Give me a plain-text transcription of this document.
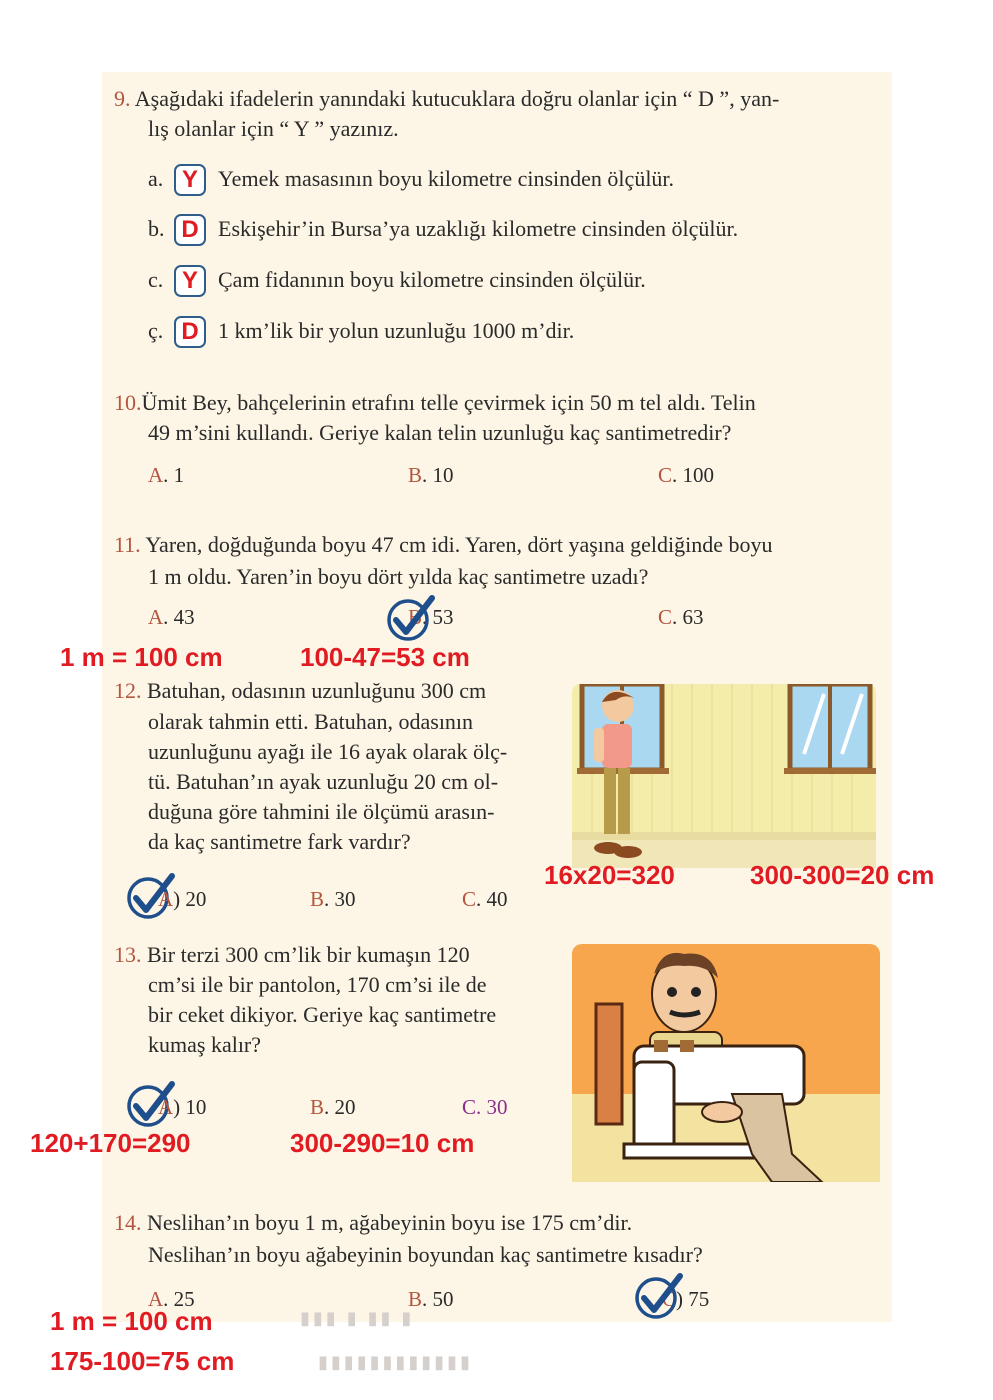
9. Aşağıdaki ifadelerin yanındaki kutucuklara doğru olanlar için “ D ”, yan-
lış olanlar için “ Y ” yazınız.
a. Y Yemek masasının boyu kilometre cinsinden ölçülür.
b. D Eskişehir’in Bursa’ya uzaklığı kilometre cinsinden ölçülür.
c. Y Çam fidanının boyu kilometre cinsinden ölçülür.
ç. D 1 km’lik bir yolun uzunluğu 1000 m’dir.
10.Ümit Bey, bahçelerinin etrafını telle çevirmek için 50 m tel aldı. Telin
49 m’sini kullandı. Geriye kalan telin uzunluğu kaç santimetredir?
A. 1	B. 10	C. 100
11. Yaren, doğduğunda boyu 47 cm idi. Yaren, dört yaşına geldiğinde boyu
1 m oldu. Yaren’in boyu dört yılda kaç santimetre uzadı?
A. 43	B. 53	C. 63
1 m = 100 cm	100-47=53 cm
12. Batuhan, odasının uzunluğunu 300 cm
olarak tahmin etti. Batuhan, odasının
uzunluğunu ayağı ile 16 ayak olarak ölç-
tü. Batuhan’ın ayak uzunluğu 20 cm ol-
duğuna göre tahmini ile ölçümü arasın-
da kaç santimetre fark vardır?
16x20=320	300-300=20 cm
A) 20	B. 30	C. 40
13. Bir terzi 300 cm’lik bir kumaşın 120
cm’si ile bir pantolon, 170 cm’si ile de
bir ceket dikiyor. Geriye kaç santimetre
kumaş kalır?
A) 10	B. 20	C. 30
120+170=290	300-290=10 cm
14. Neslihan’ın boyu 1 m, ağabeyinin boyu ise 175 cm’dir.
Neslihan’ın boyu ağabeyinin boyundan kaç santimetre kısadır?
A. 25	B. 50	C) 75
1 m = 100 cm
175-100=75 cm
▮▮▮ ▮ ▮▮ ▮
▮▮▮▮▮▮▮▮▮▮▮▮
